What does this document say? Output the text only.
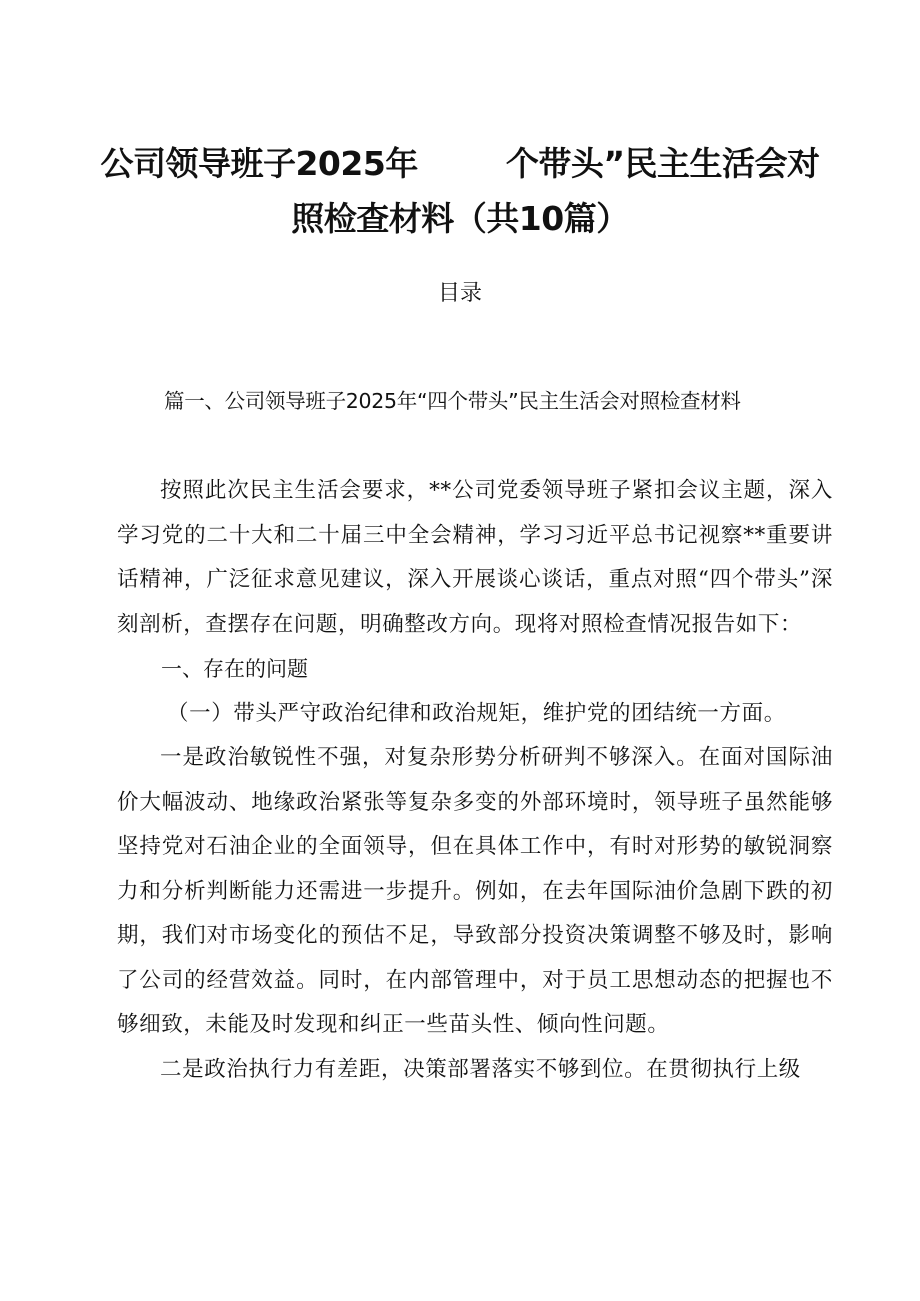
公司领导班子2025年	个带头”民主生活会对
照检查材料（共10篇）
目录
篇一、公司领导班子2025年“四个带头”民主生活会对照检查材料

按照此次民主生活会要求，**公司党委领导班子紧扣会议主题，深入学习党的二十大和二十届三中全会精神，学习习近平总书记视察**重要讲话精神，广泛征求意见建议，深入开展谈心谈话，重点对照“四个带头”深刻剖析，查摆存在问题，明确整改方向。现将对照检查情况报告如下：

一、存在的问题

（一）带头严守政治纪律和政治规矩，维护党的团结统一方面。

一是政治敏锐性不强，对复杂形势分析研判不够深入。在面对国际油价大幅波动、地缘政治紧张等复杂多变的外部环境时，领导班子虽然能够坚持党对石油企业的全面领导，但在具体工作中，有时对形势的敏锐洞察力和分析判断能力还需进一步提升。例如，在去年国际油价急剧下跌的初期，我们对市场变化的预估不足，导致部分投资决策调整不够及时，影响了公司的经营效益。同时，在内部管理中，对于员工思想动态的把握也不够细致，未能及时发现和纠正一些苗头性、倾向性问题。

二是政治执行力有差距，决策部署落实不够到位。在贯彻执行上级
